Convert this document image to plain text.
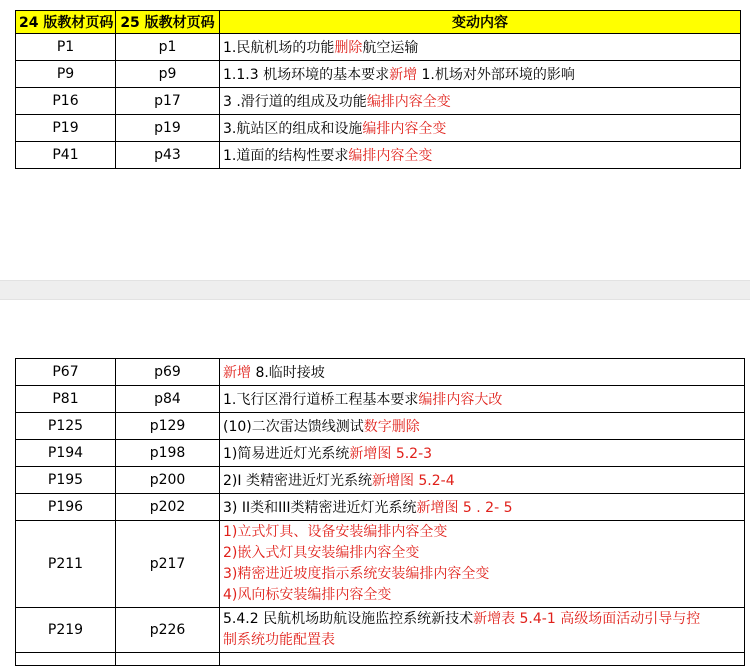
24 版教材页码	25 版教材页码	变动内容
P1	p1	1.民航机场的功能删除航空运输
P9	p9	1.1.3 机场环境的基本要求新增 1.机场对外部环境的影响
P16	p17	3 .滑行道的组成及功能编排内容全变
P19	p19	3.航站区的组成和设施编排内容全变
P41	p43	1.道面的结构性要求编排内容全变
P67	p69	新增 8.临时接坡
P81	p84	1.飞行区滑行道桥工程基本要求编排内容大改
P125	p129	(10)二次雷达馈线测试数字删除
P194	p198	1)简易进近灯光系统新增图 5.2-3
P195	p200	2)I 类精密进近灯光系统新增图 5.2-4
P196	p202	3) II类和III类精密进近灯光系统新增图 5 . 2- 5
P211	p217	1)立式灯具、设备安装编排内容全变
2)嵌入式灯具安装编排内容全变
3)精密进近坡度指示系统安装编排内容全变
4)风向标安装编排内容全变

P219	p226	5.4.2 民航机场助航设施监控系统新技术新增表 5.4-1 高级场面活动引导与控
制系统功能配置表
